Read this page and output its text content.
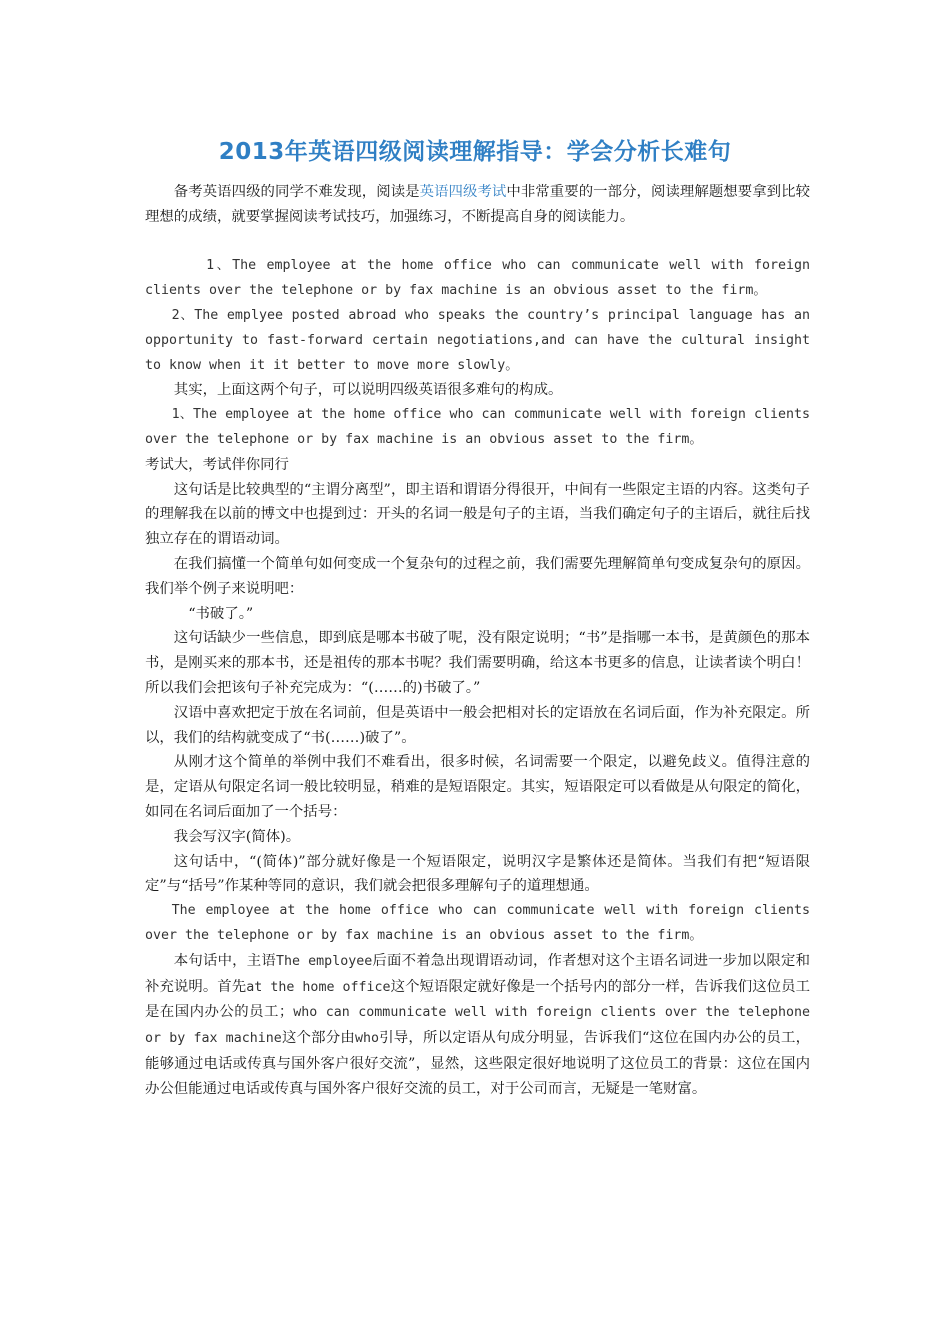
2013年英语四级阅读理解指导：学会分析长难句

备考英语四级的同学不难发现，阅读是英语四级考试中非常重要的一部分，阅读理解题想要拿到比较理想的成绩，就要掌握阅读考试技巧，加强练习，不断提高自身的阅读能力。

1、The employee at the home office who can communicate well with foreign clients over the telephone or by fax machine is an obvious asset to the firm。

2、The emplyee posted abroad who speaks the country’s principal language has an opportunity to fast-forward certain negotiations,and can have the cultural insight to know when it it better to move more slowly。

其实，上面这两个句子，可以说明四级英语很多难句的构成。

1、The employee at the home office who can communicate well with foreign clients over the telephone or by fax machine is an obvious asset to the firm。

考试大，考试伴你同行

这句话是比较典型的“主谓分离型”，即主语和谓语分得很开，中间有一些限定主语的内容。这类句子的理解我在以前的博文中也提到过：开头的名词一般是句子的主语，当我们确定句子的主语后，就往后找独立存在的谓语动词。

在我们搞懂一个简单句如何变成一个复杂句的过程之前，我们需要先理解简单句变成复杂句的原因。我们举个例子来说明吧：

“书破了。”

这句话缺少一些信息，即到底是哪本书破了呢，没有限定说明；“书”是指哪一本书，是黄颜色的那本书，是刚买来的那本书，还是祖传的那本书呢？我们需要明确，给这本书更多的信息，让读者读个明白！　　所以我们会把该句子补充完成为：“(……的)书破了。”

汉语中喜欢把定于放在名词前，但是英语中一般会把相对长的定语放在名词后面，作为补充限定。所以，我们的结构就变成了“书(……)破了”。

从刚才这个简单的举例中我们不难看出，很多时候，名词需要一个限定，以避免歧义。值得注意的是，定语从句限定名词一般比较明显，稍难的是短语限定。其实，短语限定可以看做是从句限定的简化，如同在名词后面加了一个括号：

我会写汉字(简体)。

这句话中，“(简体)”部分就好像是一个短语限定，说明汉字是繁体还是简体。当我们有把“短语限定”与“括号”作某种等同的意识，我们就会把很多理解句子的道理想通。

The employee at the home office who can communicate well with foreign clients over the telephone or by fax machine is an obvious asset to the firm。

本句话中，主语The employee后面不着急出现谓语动词，作者想对这个主语名词进一步加以限定和补充说明。首先at the home office这个短语限定就好像是一个括号内的部分一样，告诉我们这位员工是在国内办公的员工；who can communicate well with foreign clients over the telephone or by fax machine这个部分由who引导，所以定语从句成分明显，告诉我们“这位在国内办公的员工，能够通过电话或传真与国外客户很好交流”，显然，这些限定很好地说明了这位员工的背景：这位在国内办公但能通过电话或传真与国外客户很好交流的员工，对于公司而言，无疑是一笔财富。
